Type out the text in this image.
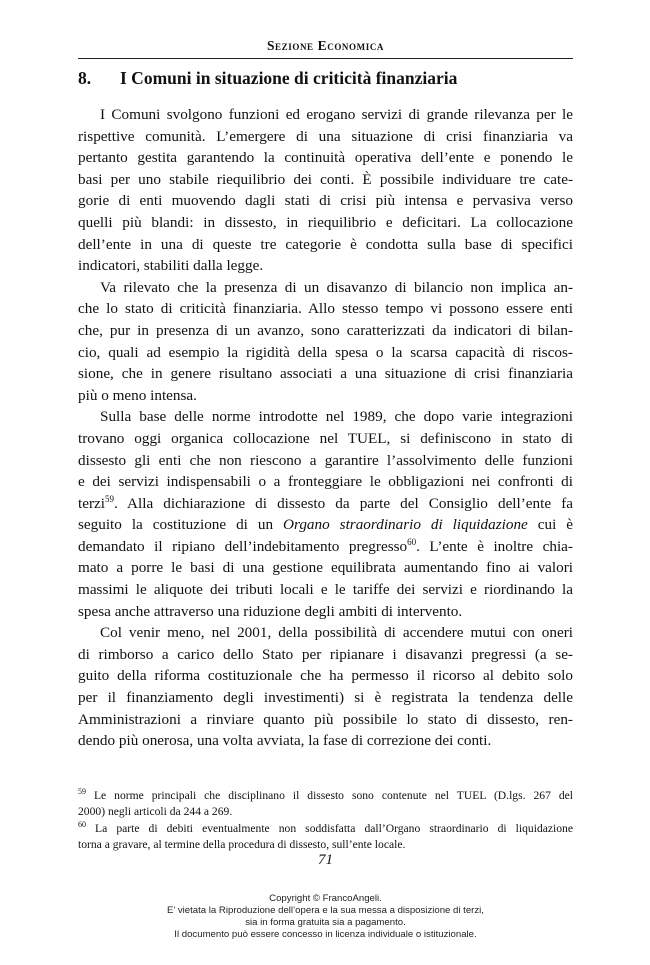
Sezione Economica
8. I Comuni in situazione di criticità finanziaria
I Comuni svolgono funzioni ed erogano servizi di grande rilevanza per le
rispettive comunità. L’emergere di una situazione di crisi finanziaria va
pertanto gestita garantendo la continuità operativa dell’ente e ponendo le
basi per uno stabile riequilibrio dei conti. È possibile individuare tre cate-
gorie di enti muovendo dagli stati di crisi più intensa e pervasiva verso
quelli più blandi: in dissesto, in riequilibrio e deficitari. La collocazione
dell’ente in una di queste tre categorie è condotta sulla base di specifici
indicatori, stabiliti dalla legge.
Va rilevato che la presenza di un disavanzo di bilancio non implica an-
che lo stato di criticità finanziaria. Allo stesso tempo vi possono essere enti
che, pur in presenza di un avanzo, sono caratterizzati da indicatori di bilan-
cio, quali ad esempio la rigidità della spesa o la scarsa capacità di riscos-
sione, che in genere risultano associati a una situazione di crisi finanziaria
più o meno intensa.
Sulla base delle norme introdotte nel 1989, che dopo varie integrazioni
trovano oggi organica collocazione nel TUEL, si definiscono in stato di
dissesto gli enti che non riescono a garantire l’assolvimento delle funzioni
e dei servizi indispensabili o a fronteggiare le obbligazioni nei confronti di
terzi$^{59}$. Alla dichiarazione di dissesto da parte del Consiglio dell’ente fa
seguito la costituzione di un Organo straordinario di liquidazione cui è
demandato il ripiano dell’indebitamento pregresso$^{60}$. L’ente è inoltre chia-
mato a porre le basi di una gestione equilibrata aumentando fino ai valori
massimi le aliquote dei tributi locali e le tariffe dei servizi e riordinando la
spesa anche attraverso una riduzione degli ambiti di intervento.
Col venir meno, nel 2001, della possibilità di accendere mutui con oneri
di rimborso a carico dello Stato per ripianare i disavanzi pregressi (a se-
guito della riforma costituzionale che ha permesso il ricorso al debito solo
per il finanziamento degli investimenti) si è registrata la tendenza delle
Amministrazioni a rinviare quanto più possibile lo stato di dissesto, ren-
dendo più onerosa, una volta avviata, la fase di correzione dei conti.
$^{59}$ Le norme principali che disciplinano il dissesto sono contenute nel TUEL (D.lgs. 267 del
2000) negli articoli da 244 a 269.
$^{60}$ La parte di debiti eventualmente non soddisfatta dall’Organo straordinario di liquidazione
torna a gravare, al termine della procedura di dissesto, sull’ente locale.
71
Copyright © FrancoAngeli.
E’ vietata la Riproduzione dell’opera e la sua messa a disposizione di terzi,
sia in forma gratuita sia a pagamento.
Il documento può essere concesso in licenza individuale o istituzionale.
